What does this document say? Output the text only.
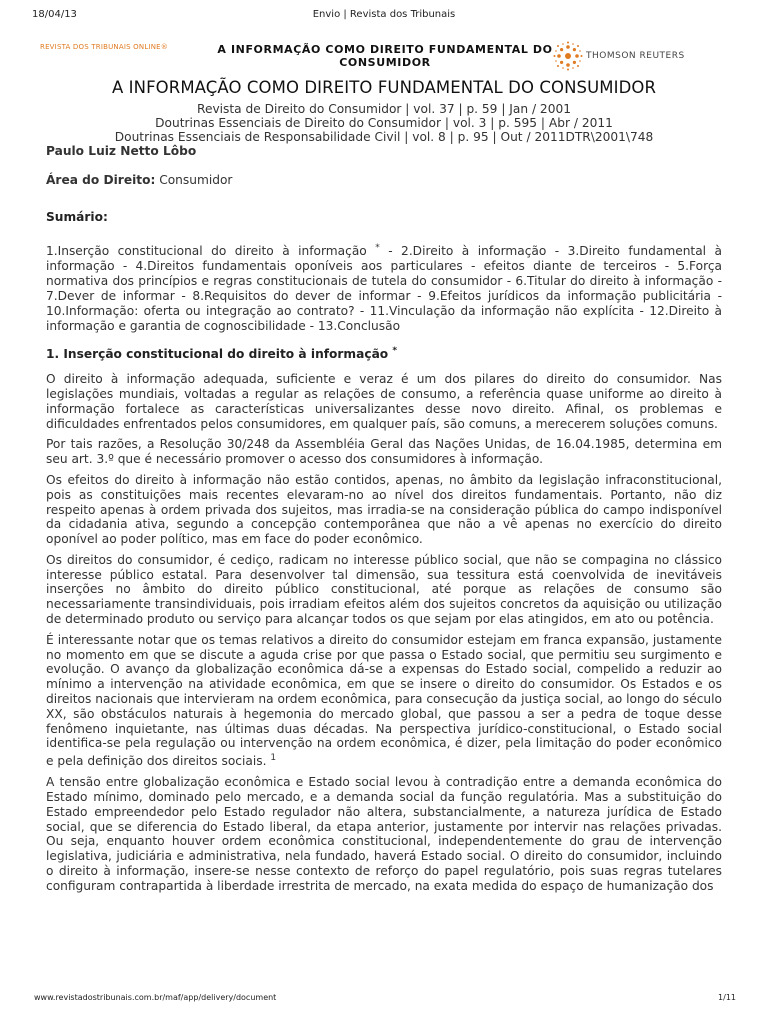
18/04/13	Envio | Revista dos Tribunais
REVISTA DOS TRIBUNAIS ONLINE®	A INFORMAÇÃO COMO DIREITO FUNDAMENTAL DO
CONSUMIDOR	THOMSON REUTERS
A INFORMAÇÃO COMO DIREITO FUNDAMENTAL DO CONSUMIDOR
Revista de Direito do Consumidor | vol. 37 | p. 59 | Jan / 2001
Doutrinas Essenciais de Direito do Consumidor | vol. 3 | p. 595 | Abr / 2011
Doutrinas Essenciais de Responsabilidade Civil | vol. 8 | p. 95 | Out / 2011DTR\2001\748
Paulo Luiz Netto Lôbo
Área do Direito: Consumidor
Sumário:
1.Inserção constitucional do direito à informação * - 2.Direito à informação - 3.Direito fundamental à informação - 4.Direitos fundamentais oponíveis aos particulares - efeitos diante de terceiros - 5.Força normativa dos princípios e regras constitucionais de tutela do consumidor - 6.Titular do direito à informação - 7.Dever de informar - 8.Requisitos do dever de informar - 9.Efeitos jurídicos da informação publicitária - 10.Informação: oferta ou integração ao contrato? - 11.Vinculação da informação não explícita - 12.Direito à informação e garantia de cognoscibilidade - 13.Conclusão
1. Inserção constitucional do direito à informação *

O direito à informação adequada, suficiente e veraz é um dos pilares do direito do consumidor. Nas legislações mundiais, voltadas a regular as relações de consumo, a referência quase uniforme ao direito à informação fortalece as características universalizantes desse novo direito. Afinal, os problemas e dificuldades enfrentados pelos consumidores, em qualquer país, são comuns, a merecerem soluções comuns.

Por tais razões, a Resolução 30/248 da Assembléia Geral das Nações Unidas, de 16.04.1985, determina em seu art. 3.º que é necessário promover o acesso dos consumidores à informação.

Os efeitos do direito à informação não estão contidos, apenas, no âmbito da legislação infraconstitucional, pois as constituições mais recentes elevaram-no ao nível dos direitos fundamentais. Portanto, não diz respeito apenas à ordem privada dos sujeitos, mas irradia-se na consideração pública do campo indisponível da cidadania ativa, segundo a concepção contemporânea que não a vê apenas no exercício do direito oponível ao poder político, mas em face do poder econômico.

Os direitos do consumidor, é cediço, radicam no interesse público social, que não se compagina no clássico interesse público estatal. Para desenvolver tal dimensão, sua tessitura está coenvolvida de inevitáveis inserções no âmbito do direito público constitucional, até porque as relações de consumo são necessariamente transindividuais, pois irradiam efeitos além dos sujeitos concretos da aquisição ou utilização de determinado produto ou serviço para alcançar todos os que sejam por elas atingidos, em ato ou potência.

É interessante notar que os temas relativos a direito do consumidor estejam em franca expansão, justamente no momento em que se discute a aguda crise por que passa o Estado social, que permitiu seu surgimento e evolução. O avanço da globalização econômica dá-se a expensas do Estado social, compelido a reduzir ao mínimo a intervenção na atividade econômica, em que se insere o direito do consumidor. Os Estados e os direitos nacionais que intervieram na ordem econômica, para consecução da justiça social, ao longo do século XX, são obstáculos naturais à hegemonia do mercado global, que passou a ser a pedra de toque desse fenômeno inquietante, nas últimas duas décadas. Na perspectiva jurídico-constitucional, o Estado social identifica-se pela regulação ou intervenção na ordem econômica, é dizer, pela limitação do poder econômico e pela definição dos direitos sociais. $^1$

A tensão entre globalização econômica e Estado social levou à contradição entre a demanda econômica do Estado mínimo, dominado pelo mercado, e a demanda social da função regulatória. Mas a substituição do Estado empreendedor pelo Estado regulador não altera, substancialmente, a natureza jurídica de Estado social, que se diferencia do Estado liberal, da etapa anterior, justamente por intervir nas relações privadas. Ou seja, enquanto houver ordem econômica constitucional, independentemente do grau de intervenção legislativa, judiciária e administrativa, nela fundado, haverá Estado social. O direito do consumidor, incluindo o direito à informação, insere-se nesse contexto de reforço do papel regulatório, pois suas regras tutelares configuram contrapartida à liberdade irrestrita de mercado, na exata medida do espaço de humanização dos

www.revistadostribunais.com.br/maf/app/delivery/document	1/11
